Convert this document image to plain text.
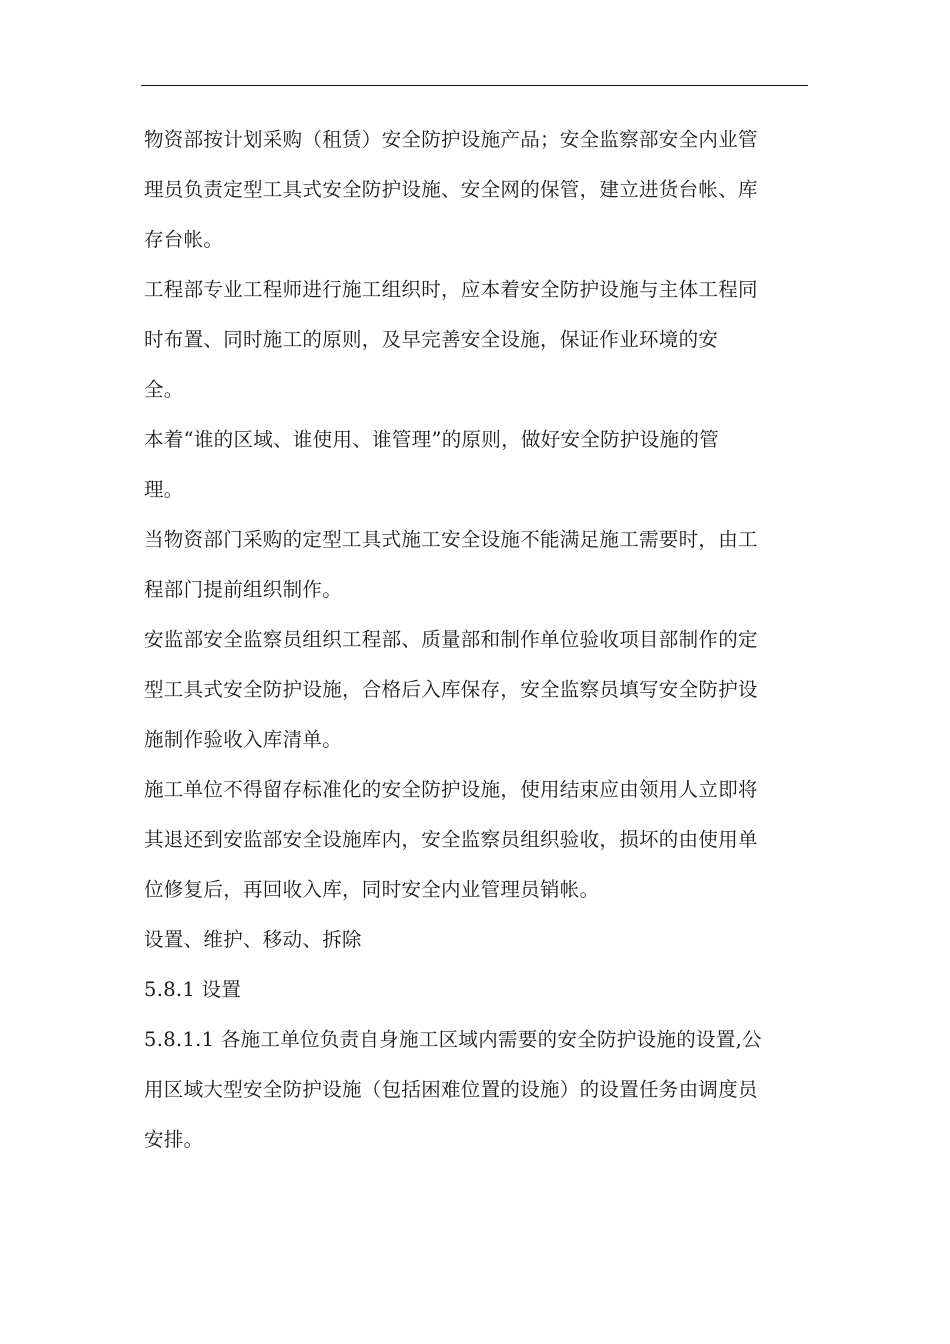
物资部按计划采购（租赁）安全防护设施产品；安全监察部安全内业管
理员负责定型工具式安全防护设施、安全网的保管，建立进货台帐、库
存台帐。
工程部专业工程师进行施工组织时，应本着安全防护设施与主体工程同
时布置、同时施工的原则，及早完善安全设施，保证作业环境的安
全。
本着“谁的区域、谁使用、谁管理”的原则，做好安全防护设施的管
理。
当物资部门采购的定型工具式施工安全设施不能满足施工需要时，由工
程部门提前组织制作。
安监部安全监察员组织工程部、质量部和制作单位验收项目部制作的定
型工具式安全防护设施，合格后入库保存，安全监察员填写安全防护设
施制作验收入库清单。
施工单位不得留存标准化的安全防护设施，使用结束应由领用人立即将
其退还到安监部安全设施库内，安全监察员组织验收，损坏的由使用单
位修复后，再回收入库，同时安全内业管理员销帐。
设置、维护、移动、拆除
5.8.1 设置
5.8.1.1 各施工单位负责自身施工区域内需要的安全防护设施的设置,公
用区域大型安全防护设施（包括困难位置的设施）的设置任务由调度员
安排。
